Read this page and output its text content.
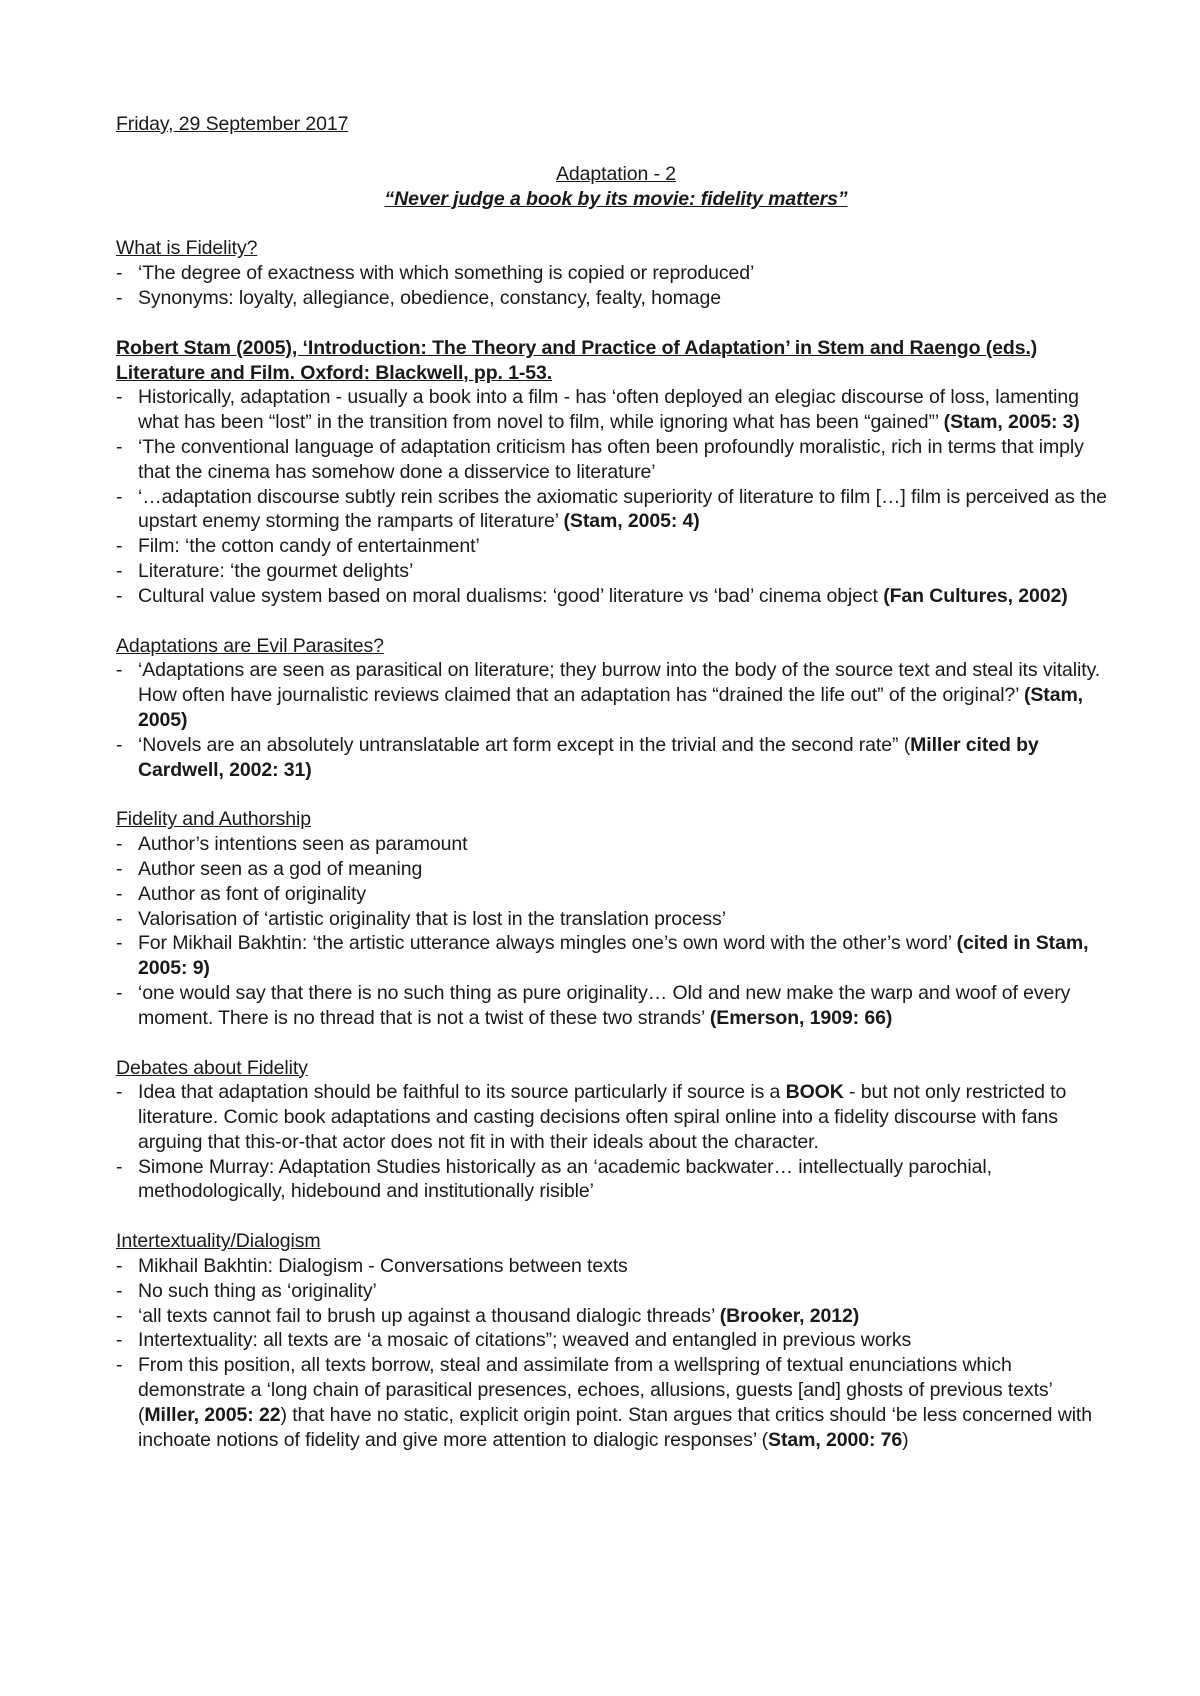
Friday, 29 September 2017
Adaptation - 2
“Never judge a book by its movie: fidelity matters”
What is Fidelity?
- ‘The degree of exactness with which something is copied or reproduced’
- Synonyms: loyalty, allegiance, obedience, constancy, fealty, homage
Robert Stam (2005), ‘Introduction: The Theory and Practice of Adaptation’ in Stem and Raengo (eds.) Literature and Film. Oxford: Blackwell, pp. 1-53.
- Historically, adaptation - usually a book into a film - has ‘often deployed an elegiac discourse of loss, lamenting what has been “lost” in the transition from novel to film, while ignoring what has been “gained”’ (Stam, 2005: 3)
- ‘The conventional language of adaptation criticism has often been profoundly moralistic, rich in terms that imply that the cinema has somehow done a disservice to literature’
- ‘…adaptation discourse subtly rein scribes the axiomatic superiority of literature to film […] film is perceived as the upstart enemy storming the ramparts of literature’ (Stam, 2005: 4)
- Film: ‘the cotton candy of entertainment’
- Literature: ‘the gourmet delights’
- Cultural value system based on moral dualisms: ‘good’ literature vs ‘bad’ cinema object (Fan Cultures, 2002)
Adaptations are Evil Parasites?
- ‘Adaptations are seen as parasitical on literature; they burrow into the body of the source text and steal its vitality. How often have journalistic reviews claimed that an adaptation has “drained the life out” of the original?’ (Stam, 2005)
- ‘Novels are an absolutely untranslatable art form except in the trivial and the second rate” (Miller cited by Cardwell, 2002: 31)
Fidelity and Authorship
- Author’s intentions seen as paramount
- Author seen as a god of meaning
- Author as font of originality
- Valorisation of ‘artistic originality that is lost in the translation process’
- For Mikhail Bakhtin: ‘the artistic utterance always mingles one’s own word with the other’s word’ (cited in Stam, 2005: 9)
- ‘one would say that there is no such thing as pure originality… Old and new make the warp and woof of every moment. There is no thread that is not a twist of these two strands’ (Emerson, 1909: 66)
Debates about Fidelity
- Idea that adaptation should be faithful to its source particularly if source is a BOOK - but not only restricted to literature. Comic book adaptations and casting decisions often spiral online into a fidelity discourse with fans arguing that this-or-that actor does not fit in with their ideals about the character.
- Simone Murray: Adaptation Studies historically as an ‘academic backwater… intellectually parochial, methodologically, hidebound and institutionally risible’
Intertextuality/Dialogism
- Mikhail Bakhtin: Dialogism - Conversations between texts
- No such thing as ‘originality’
- ‘all texts cannot fail to brush up against a thousand dialogic threads’ (Brooker, 2012)
- Intertextuality: all texts are ‘a mosaic of citations”; weaved and entangled in previous works
- From this position, all texts borrow, steal and assimilate from a wellspring of textual enunciations which demonstrate a ‘long chain of parasitical presences, echoes, allusions, guests [and] ghosts of previous texts’ (Miller, 2005: 22) that have no static, explicit origin point. Stan argues that critics should ‘be less concerned with inchoate notions of fidelity and give more attention to dialogic responses’ (Stam, 2000: 76)
